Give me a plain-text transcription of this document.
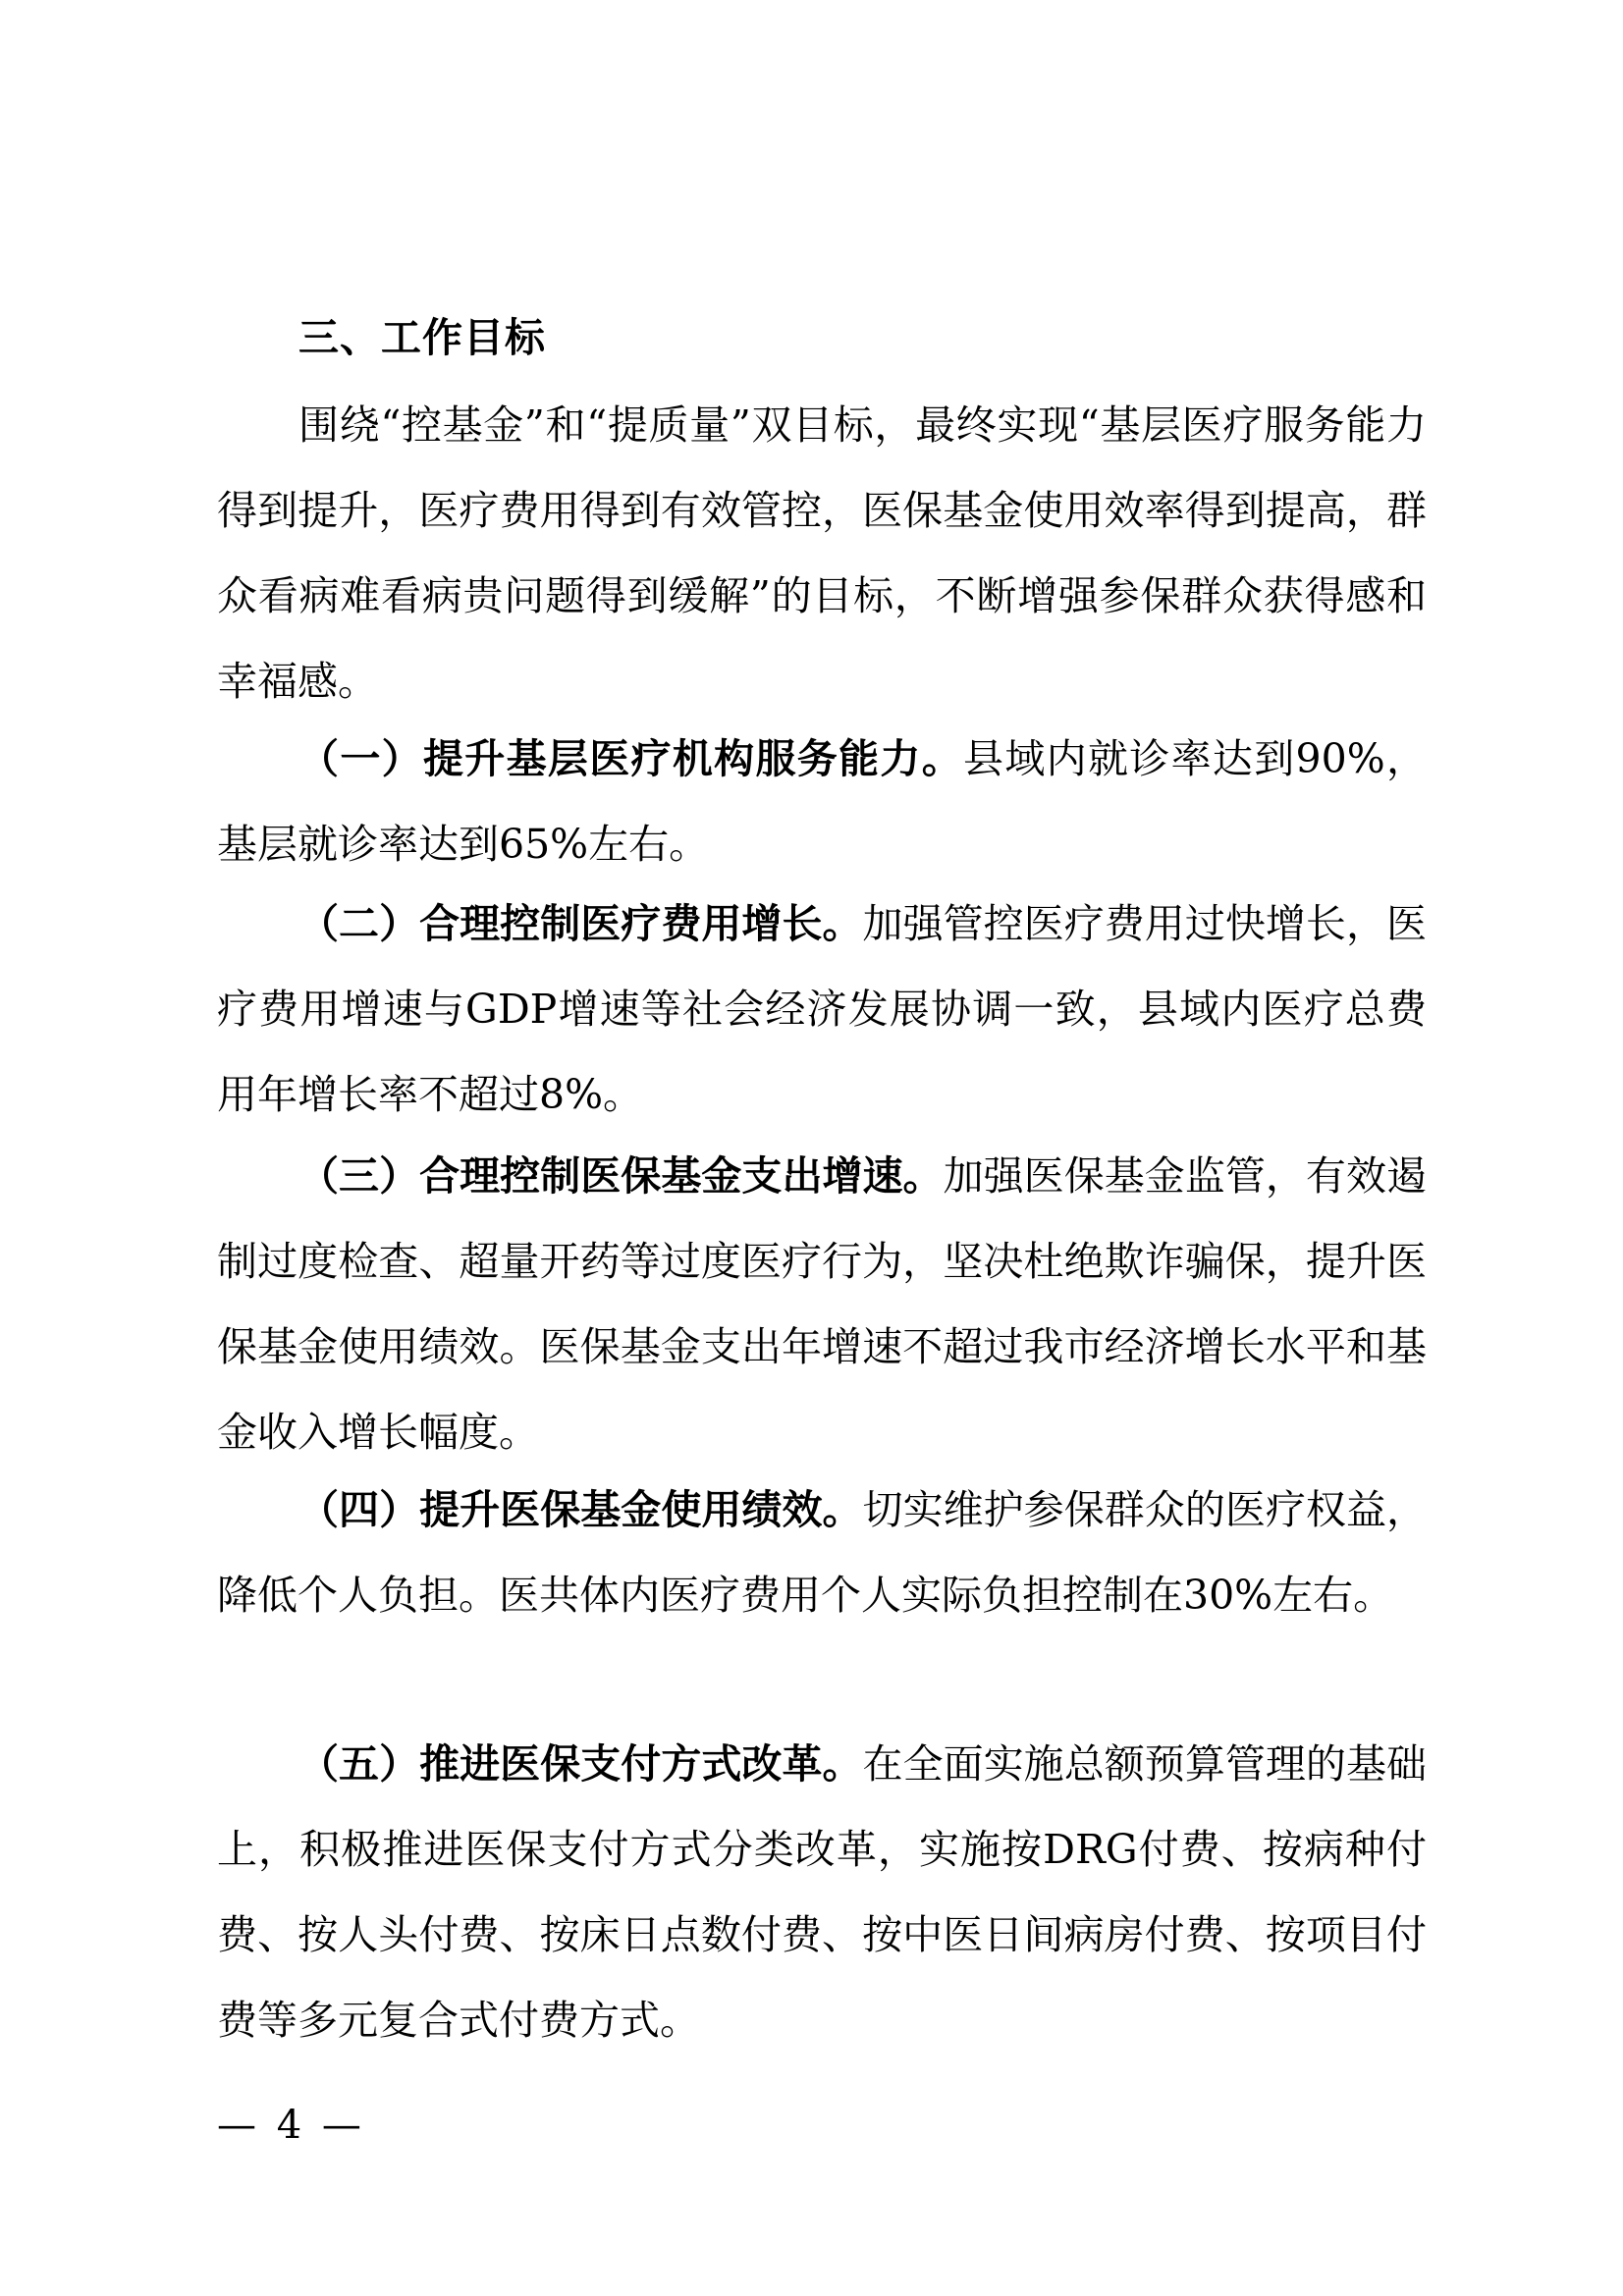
三、工作目标

围绕“控基金”和“提质量”双目标，最终实现“基层医疗服务能力得到提升，医疗费用得到有效管控，医保基金使用效率得到提高，群众看病难看病贵问题得到缓解”的目标，不断增强参保群众获得感和幸福感。

（一）提升基层医疗机构服务能力。县域内就诊率达到90%，基层就诊率达到65%左右。

（二）合理控制医疗费用增长。加强管控医疗费用过快增长，医疗费用增速与GDP增速等社会经济发展协调一致，县域内医疗总费用年增长率不超过8%。

（三）合理控制医保基金支出增速。加强医保基金监管，有效遏制过度检查、超量开药等过度医疗行为，坚决杜绝欺诈骗保，提升医保基金使用绩效。医保基金支出年增速不超过我市经济增长水平和基金收入增长幅度。

（四）提升医保基金使用绩效。切实维护参保群众的医疗权益，降低个人负担。医共体内医疗费用个人实际负担控制在30%左右。

（五）推进医保支付方式改革。在全面实施总额预算管理的基础上，积极推进医保支付方式分类改革，实施按DRG付费、按病种付费、按人头付费、按床日点数付费、按中医日间病房付费、按项目付费等多元复合式付费方式。

— 4 —
